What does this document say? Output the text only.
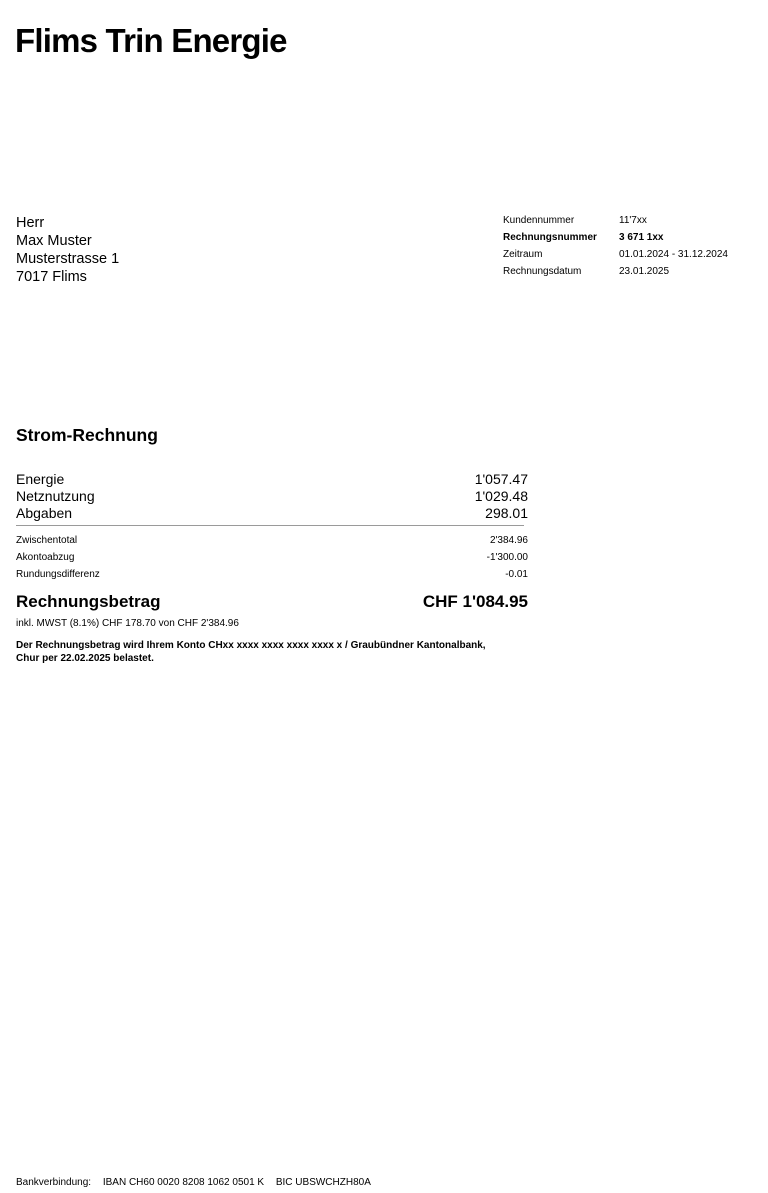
Flims Trin Energie
Herr
Max Muster
Musterstrasse 1
7017 Flims
Kundennummer	11'7xx
Rechnungsnummer	3 671 1xx
Zeitraum	01.01.2024 - 31.12.2024
Rechnungsdatum	23.01.2025
Strom-Rechnung
Energie	1'057.47
Netznutzung	1'029.48
Abgaben	298.01
Zwischentotal	2'384.96
Akontoabzug	-1'300.00
Rundungsdifferenz	-0.01
Rechnungsbetrag	CHF 1'084.95
inkl. MWST (8.1%) CHF 178.70 von CHF 2'384.96
Der Rechnungsbetrag wird Ihrem Konto CHxx xxxx xxxx xxxx xxxx x / Graubündner Kantonalbank, Chur per 22.02.2025 belastet.
Bankverbindung: IBAN CH60 0020 8208 1062 0501 K BIC UBSWCHZH80A
